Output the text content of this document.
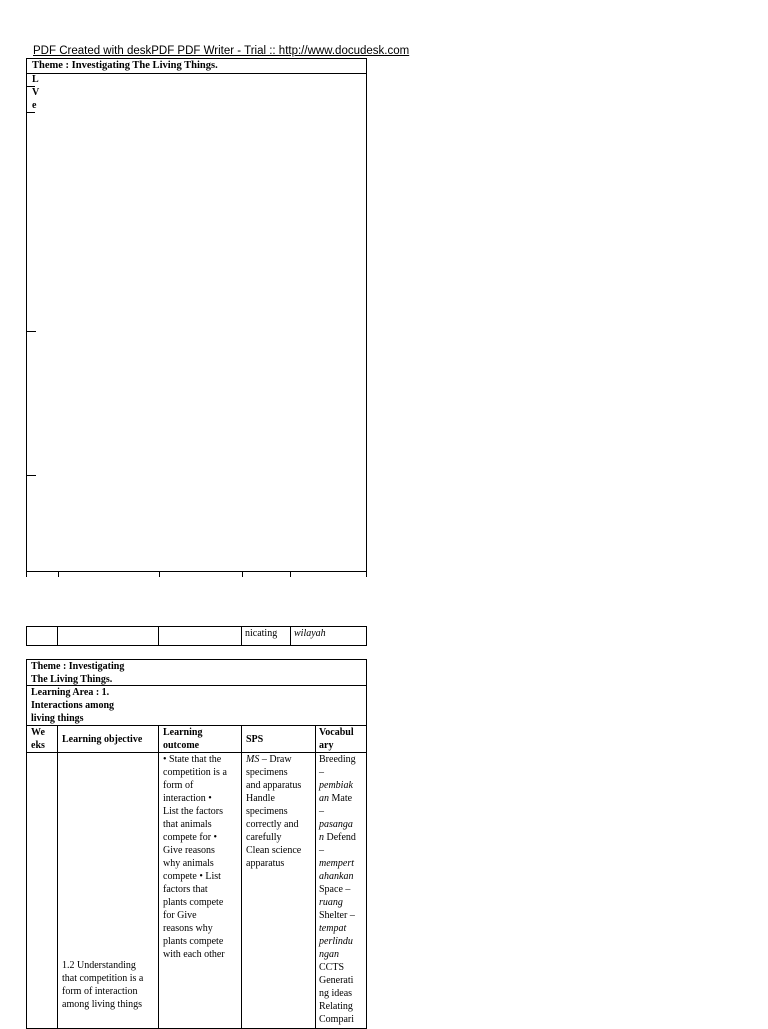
PDF Created with deskPDF PDF Writer - Trial :: http://www.docudesk.com
Theme : Investigating The Living Things.
L
V
e
nicating wilayah
Theme : Investigating
The Living Things.
Learning Area : 1.
Interactions among
living things
We
eks
Learning objective
Learning
outcome
SPS
Vocabul
ary
1.2 Understanding
that competition is a
form of interaction
among living things
• State that the
competition is a
form of
interaction •
List the factors
that animals
compete for •
Give reasons
why animals
compete • List
factors that
plants compete
for Give
reasons why
plants compete
with each other
MS – Draw
specimens
and apparatus
Handle
specimens
correctly and
carefully
Clean science
apparatus
Breeding
–
pembiak
an Mate
–
pasanga
n Defend
–
mempert
ahankan
Space –
ruang
Shelter –
tempat
perlindu
ngan
CCTS
Generati
ng ideas
Relating
Compari
